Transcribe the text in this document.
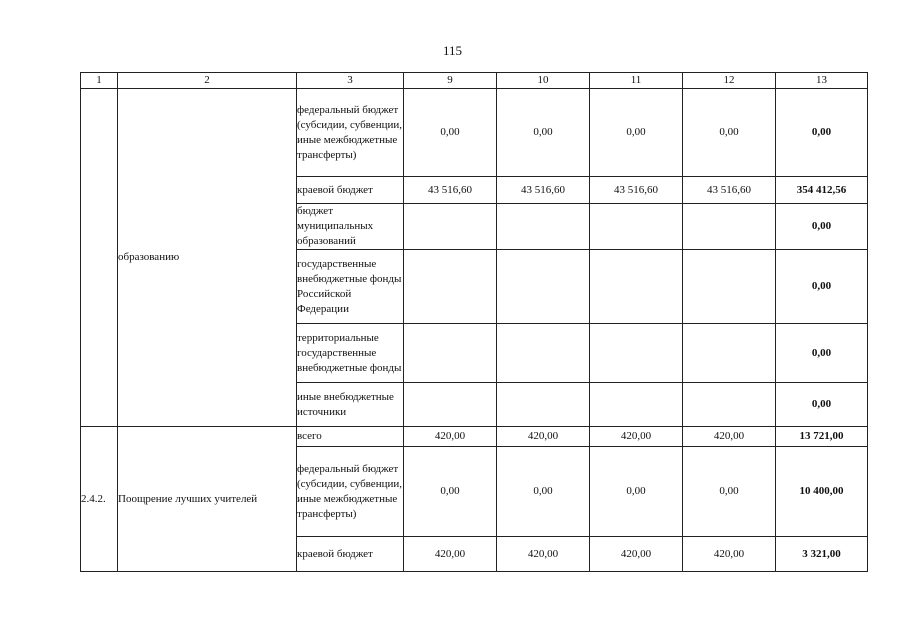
115
1	2	3	9	10	11	12	13
	образованию	федеральный бюджет (субсидии, субвенции, иные межбюджетные трансферты)	0,00	0,00	0,00	0,00	0,00
		краевой бюджет	43 516,60	43 516,60	43 516,60	43 516,60	354 412,56
		бюджет муниципальных образований					0,00
		государственные внебюджетные фонды Российской Федерации					0,00
		территориальные государственные внебюджетные фонды					0,00
		иные внебюджетные источники					0,00
2.4.2.	Поощрение лучших учителей	всего	420,00	420,00	420,00	420,00	13 721,00
		федеральный бюджет (субсидии, субвенции, иные межбюджетные трансферты)	0,00	0,00	0,00	0,00	10 400,00
		краевой бюджет	420,00	420,00	420,00	420,00	3 321,00
